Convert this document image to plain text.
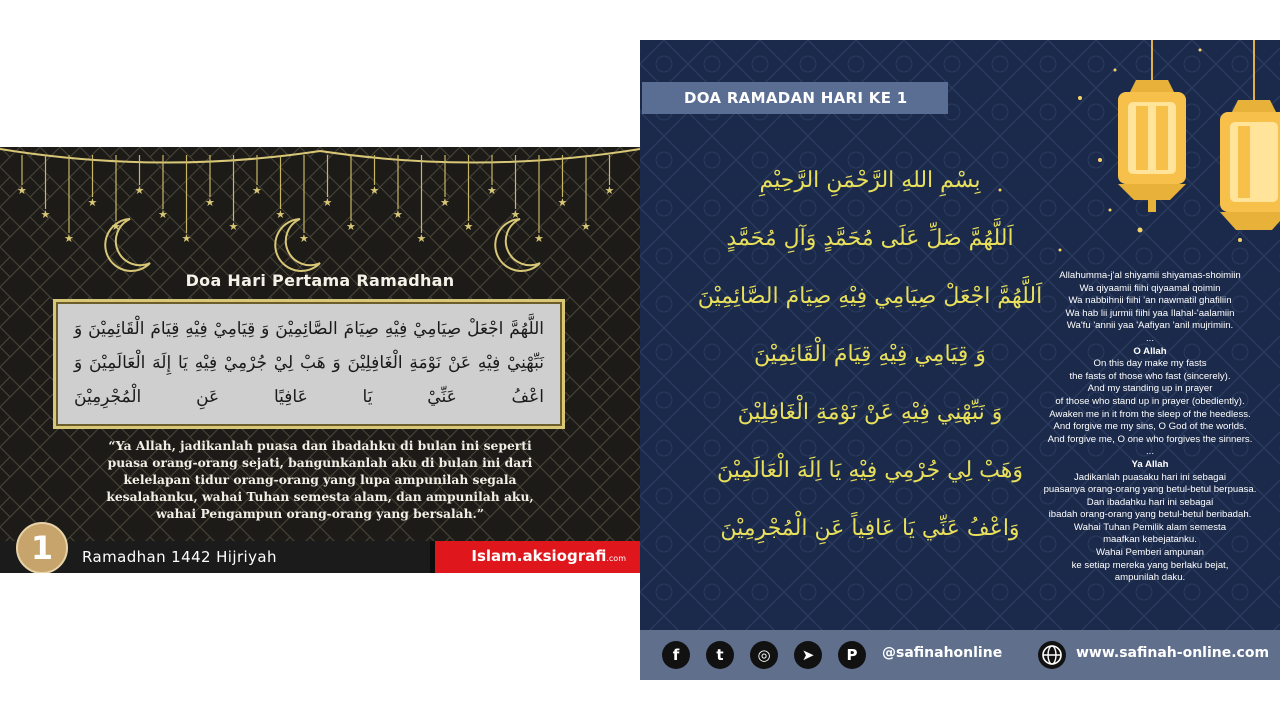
★
★
★
★
★
★
★
★
★
★
★
★
★
★
★
★
★
★
★
★
★
★
★
★
★
★
Doa Hari Pertama Ramadhan
اللَّهُمَّ اجْعَلْ صِيَامِيْ فِيْهِ صِيَامَ الصَّائِمِيْنَ وَ قِيَامِيْ فِيْهِ قِيَامَ الْقَائِمِيْنَ وَ نَبِّهْنِيْ فِيْهِ عَنْ نَوْمَةِ الْغَافِلِيْنَ وَ هَبْ لِيْ جُرْمِيْ فِيْهِ يَا إِلَهَ الْعَالَمِيْنَ وَ اعْفُ عَنِّيْ يَا عَافِيًا عَنِ الْمُجْرِمِيْنَ
“Ya Allah, jadikanlah puasa dan ibadahku di bulan ini seperti
puasa orang-orang sejati, bangunkanlah aku di bulan ini dari
kelelapan tidur orang-orang yang lupa ampunilah segala
kesalahanku, wahai Tuhan semesta alam, dan ampunilah aku,
wahai Pengampun orang-orang yang bersalah.”
1	Ramadhan 1442 Hijriyah	Islam.aksiografi.com
DOA RAMADAN HARI KE 1
بِسْمِ اللهِ الرَّحْمَنِ الرَّحِيْمِ
اَللَّهُمَّ صَلِّ عَلَى مُحَمَّدٍ وَآلِ مُحَمَّدٍ
اَللَّهُمَّ اجْعَلْ صِيَامِي فِيْهِ صِيَامَ الصَّائِمِيْنَ
وَ قِيَامِي فِيْهِ قِيَامَ الْقَائِمِيْنَ
وَ نَبِّهْنِي فِيْهِ عَنْ نَوْمَةِ الْغَافِلِيْنَ
وَهَبْ لِي جُرْمِي فِيْهِ يَا اِلَهَ الْعَالَمِيْنَ
وَاعْفُ عَنِّي يَا عَافِياً عَنِ الْمُجْرِمِيْنَ
Allahumma-j'al shiyamii shiyamas-shoimiin
Wa qiyaamii fiihi qiyaamal qoimin
Wa nabbihnii fiihi 'an nawmatil ghafiliin
Wa hab lii jurmii fiihi yaa Ilahal-'aalamiin
Wa'fu 'annii yaa 'Aafiyan 'anil mujrimiin.
...
O Allah
On this day make my fasts
the fasts of those who fast (sincerely).
And my standing up in prayer
of those who stand up in prayer (obediently).
Awaken me in it from the sleep of the heedless.
And forgive me my sins, O God of the worlds.
And forgive me, O one who forgives the sinners.
...
Ya Allah
Jadikanlah puasaku hari ini sebagai
puasanya orang-orang yang betul-betul berpuasa.
Dan ibadahku hari ini sebagai
ibadah orang-orang yang betul-betul beribadah.
Wahai Tuhan Pemilik alam semesta
maafkan kebejatanku.
Wahai Pemberi ampunan
ke setiap mereka yang berlaku bejat,
ampunilah daku.
f	t	◎	➤	P	@safinahonline	www.safinah-online.com
